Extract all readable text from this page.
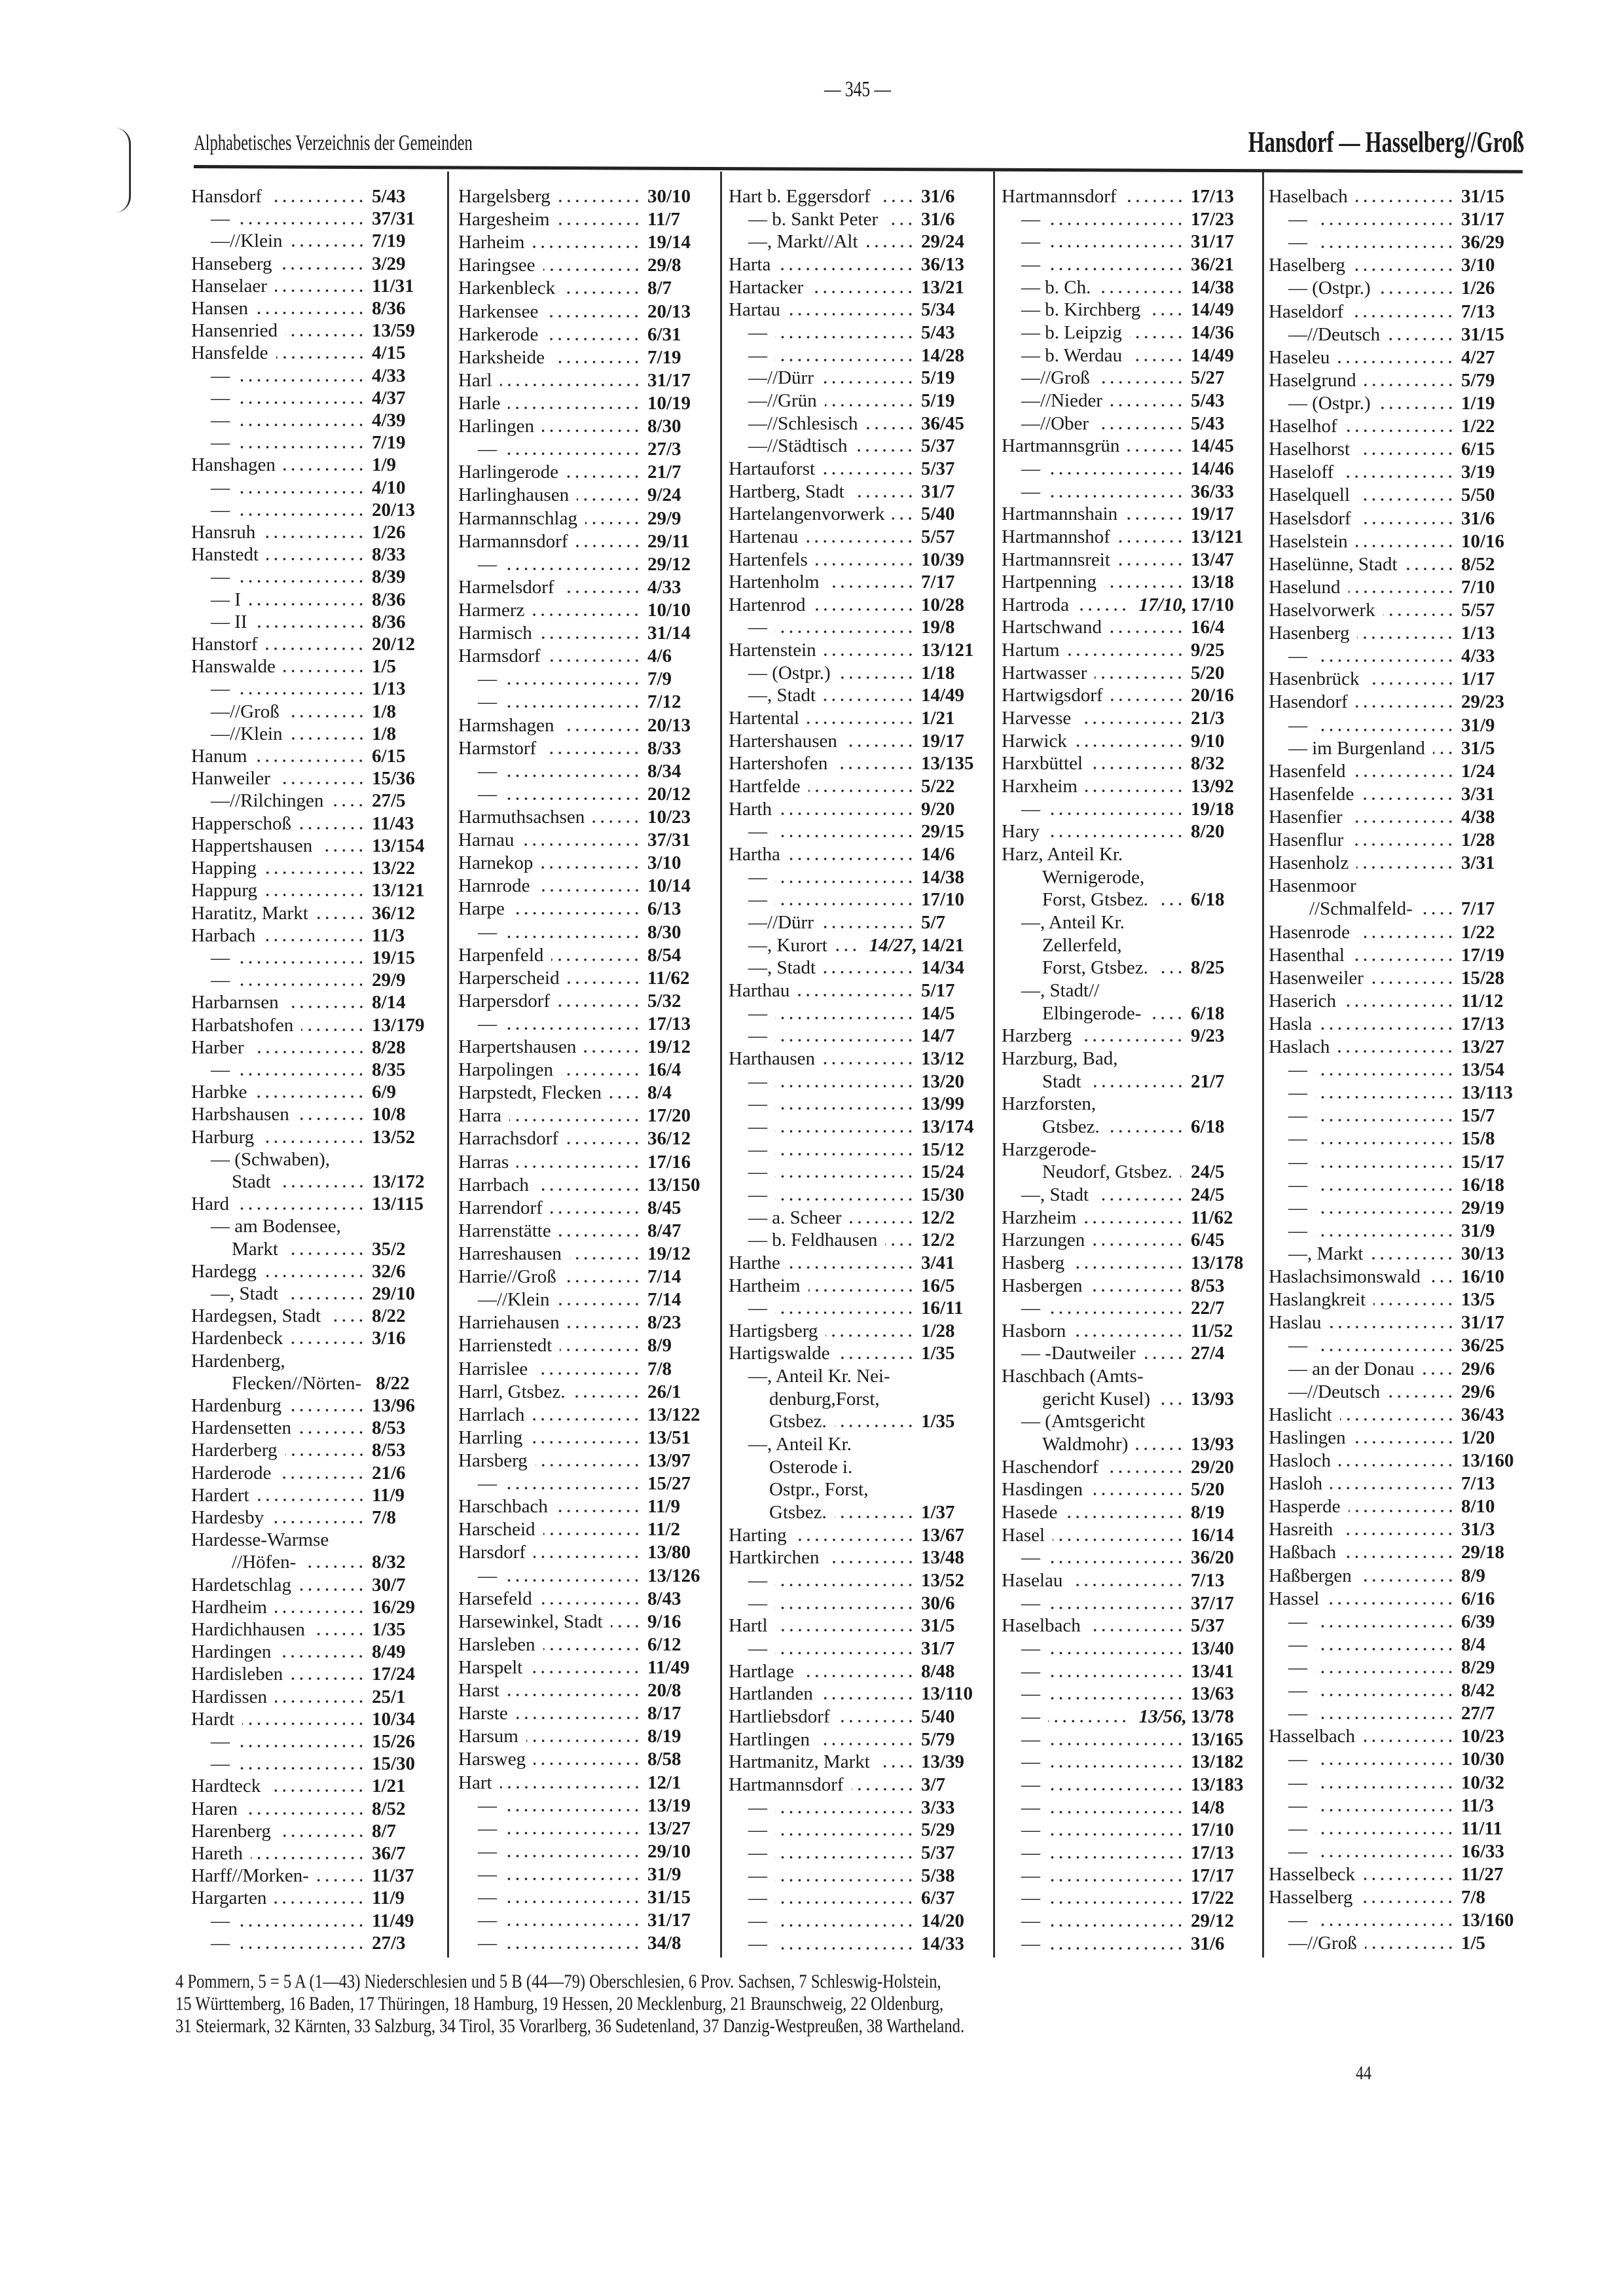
— 345 —
Alphabetisches Verzeichnis der Gemeinden	Hansdorf — Hasselberg//Groß
Hansdorf	5/43
—	37/31
—//Klein	7/19
Hanseberg	3/29
Hanselaer	11/31
Hansen	8/36
Hansenried	13/59
Hansfelde	4/15
—	4/33
—	4/37
—	4/39
—	7/19
Hanshagen	1/9
—	4/10
—	20/13
Hansruh	1/26
Hanstedt	8/33
—	8/39
— I	8/36
— II	8/36
Hanstorf	20/12
Hanswalde	1/5
—	1/13
—//Groß	1/8
—//Klein	1/8
Hanum	6/15
Hanweiler	15/36
—//Rilchingen	27/5
Happerschoß	11/43
Happertshausen	13/154
Happing	13/22
Happurg	13/121
Haratitz, Markt	36/12
Harbach	11/3
—	19/15
—	29/9
Harbarnsen	8/14
Harbatshofen	13/179
Harber	8/28
—	8/35
Harbke	6/9
Harbshausen	10/8
Harburg	13/52
— (Schwaben),
Stadt	13/172
Hard	13/115
— am Bodensee,
Markt	35/2
Hardegg	32/6
—, Stadt	29/10
Hardegsen, Stadt	8/22
Hardenbeck	3/16
Hardenberg,
Flecken//Nörten- 8/22
Hardenburg	13/96
Hardensetten	8/53
Harderberg	8/53
Harderode	21/6
Hardert	11/9
Hardesby	7/8
Hardesse-Warmse
//Höfen-	8/32
Hardetschlag	30/7
Hardheim	16/29
Hardichhausen	1/35
Hardingen	8/49
Hardisleben	17/24
Hardissen	25/1
Hardt	10/34
—	15/26
—	15/30
Hardteck	1/21
Haren	8/52
Harenberg	8/7
Hareth	36/7
Harff//Morken-	11/37
Hargarten	11/9
—	11/49
—	27/3
Hargelsberg	30/10
Hargesheim	11/7
Harheim	19/14
Haringsee	29/8
Harkenbleck	8/7
Harkensee	20/13
Harkerode	6/31
Harksheide	7/19
Harl	31/17
Harle	10/19
Harlingen	8/30
—	27/3
Harlingerode	21/7
Harlinghausen	9/24
Harmannschlag	29/9
Harmannsdorf	29/11
—	29/12
Harmelsdorf	4/33
Harmerz	10/10
Harmisch	31/14
Harmsdorf	4/6
—	7/9
—	7/12
Harmshagen	20/13
Harmstorf	8/33
—	8/34
—	20/12
Harmuthsachsen	10/23
Harnau	37/31
Harnekop	3/10
Harnrode	10/14
Harpe	6/13
—	8/30
Harpenfeld	8/54
Harperscheid	11/62
Harpersdorf	5/32
—	17/13
Harpertshausen	19/12
Harpolingen	16/4
Harpstedt, Flecken 8/4
Harra	17/20
Harrachsdorf	36/12
Harras	17/16
Harrbach	13/150
Harrendorf	8/45
Harrenstätte	8/47
Harreshausen	19/12
Harrie//Groß	7/14
—//Klein	7/14
Harriehausen	8/23
Harrienstedt	8/9
Harrislee	7/8
Harrl, Gtsbez.	26/1
Harrlach	13/122
Harrling	13/51
Harsberg	13/97
—	15/27
Harschbach	11/9
Harscheid	11/2
Harsdorf	13/80
—	13/126
Harsefeld	8/43
Harsewinkel, Stadt 9/16
Harsleben	6/12
Harspelt	11/49
Harst	20/8
Harste	8/17
Harsum	8/19
Harsweg	8/58
Hart	12/1
—	13/19
—	13/27
—	29/10
—	31/9
—	31/15
—	31/17
—	34/8
Hart b. Eggersdorf	31/6
— b. Sankt Peter 31/6
—, Markt//Alt	29/24
Harta	36/13
Hartacker	13/21
Hartau	5/34
—	5/43
—	14/28
—//Dürr	5/19
—//Grün	5/19
—//Schlesisch	36/45
—//Städtisch	5/37
Hartauforst	5/37
Hartberg, Stadt	31/7
Hartelangenvorwerk 5/40
Hartenau	5/57
Hartenfels	10/39
Hartenholm	7/17
Hartenrod	10/28
—	19/8
Hartenstein	13/121
— (Ostpr.)	1/18
—, Stadt	14/49
Hartental	1/21
Hartershausen	19/17
Hartershofen	13/135
Hartfelde	5/22
Harth	9/20
—	29/15
Hartha	14/6
—	14/38
—	17/10
—//Dürr	5/7
—, Kurort 14/27, 14/21
—, Stadt	14/34
Harthau	5/17
—	14/5
—	14/7
Harthausen	13/12
—	13/20
—	13/99
—	13/174
—	15/12
—	15/24
—	15/30
— a. Scheer	12/2
— b. Feldhausen 12/2
Harthe	3/41
Hartheim	16/5
—	16/11
Hartigsberg	1/28
Hartigswalde	1/35
—, Anteil Kr. Nei-
denburg,Forst,
Gtsbez.	1/35
—, Anteil Kr.
Osterode i.
Ostpr., Forst,
Gtsbez.	1/37
Harting	13/67
Hartkirchen	13/48
—	13/52
—	30/6
Hartl	31/5
—	31/7
Hartlage	8/48
Hartlanden	13/110
Hartliebsdorf	5/40
Hartlingen	5/79
Hartmanitz, Markt	13/39
Hartmannsdorf	3/7
—	3/33
—	5/29
—	5/37
—	5/38
—	6/37
—	14/20
—	14/33
Hartmannsdorf	17/13
—	17/23
—	31/17
—	36/21
— b. Ch.	14/38
— b. Kirchberg	14/49
— b. Leipzig	14/36
— b. Werdau	14/49
—//Groß	5/27
—//Nieder	5/43
—//Ober	5/43
Hartmannsgrün	14/45
—	14/46
—	36/33
Hartmannshain	19/17
Hartmannshof	13/121
Hartmannsreit	13/47
Hartpenning	13/18
Hartroda	17/10, 17/10
Hartschwand	16/4
Hartum	9/25
Hartwasser	5/20
Hartwigsdorf	20/16
Harvesse	21/3
Harwick	9/10
Harxbüttel	8/32
Harxheim	13/92
—	19/18
Hary	8/20
Harz, Anteil Kr.
Wernigerode,
Forst, Gtsbez. 6/18
—, Anteil Kr.
Zellerfeld,
Forst, Gtsbez. 8/25
—, Stadt//
Elbingerode-	6/18
Harzberg	9/23
Harzburg, Bad,
Stadt	21/7
Harzforsten,
Gtsbez.	6/18
Harzgerode-
Neudorf, Gtsbez. 24/5
—, Stadt	24/5
Harzheim	11/62
Harzungen	6/45
Hasberg	13/178
Hasbergen	8/53
—	22/7
Hasborn	11/52
— -Dautweiler	27/4
Haschbach (Amts-
gericht Kusel) 13/93
— (Amtsgericht
Waldmohr)	13/93
Haschendorf	29/20
Hasdingen	5/20
Hasede	8/19
Hasel	16/14
—	36/20
Haselau	7/13
—	37/17
Haselbach	5/37
—	13/40
—	13/41
—	13/63
—	13/56, 13/78
—	13/165
—	13/182
—	13/183
—	14/8
—	17/10
—	17/13
—	17/17
—	17/22
—	29/12
—	31/6
Haselbach	31/15
—	31/17
—	36/29
Haselberg	3/10
— (Ostpr.)	1/26
Haseldorf	7/13
—//Deutsch	31/15
Haseleu	4/27
Haselgrund	5/79
— (Ostpr.)	1/19
Haselhof	1/22
Haselhorst	6/15
Haseloff	3/19
Haselquell	5/50
Haselsdorf	31/6
Haselstein	10/16
Haselünne, Stadt	8/52
Haselund	7/10
Haselvorwerk	5/57
Hasenberg	1/13
—	4/33
Hasenbrück	1/17
Hasendorf	29/23
—	31/9
— im Burgenland 31/5
Hasenfeld	1/24
Hasenfelde	3/31
Hasenfier	4/38
Hasenflur	1/28
Hasenholz	3/31
Hasenmoor
//Schmalfeld-	7/17
Hasenrode	1/22
Hasenthal	17/19
Hasenweiler	15/28
Haserich	11/12
Hasla	17/13
Haslach	13/27
—	13/54
—	13/113
—	15/7
—	15/8
—	15/17
—	16/18
—	29/19
—	31/9
—, Markt	30/13
Haslachsimonswald 16/10
Haslangkreit	13/5
Haslau	31/17
—	36/25
— an der Donau 29/6
—//Deutsch	29/6
Haslicht	36/43
Haslingen	1/20
Hasloch	13/160
Hasloh	7/13
Hasperde	8/10
Hasreith	31/3
Haßbach	29/18
Haßbergen	8/9
Hassel	6/16
—	6/39
—	8/4
—	8/29
—	8/42
—	27/7
Hasselbach	10/23
—	10/30
—	10/32
—	11/3
—	11/11
—	16/33
Hasselbeck	11/27
Hasselberg	7/8
—	13/160
—//Groß	1/5
4 Pommern, 5 = 5 A (1—43) Niederschlesien und 5 B (44—79) Oberschlesien, 6 Prov. Sachsen, 7 Schleswig-Holstein,
15 Württemberg, 16 Baden, 17 Thüringen, 18 Hamburg, 19 Hessen, 20 Mecklenburg, 21 Braunschweig, 22 Oldenburg,
31 Steiermark, 32 Kärnten, 33 Salzburg, 34 Tirol, 35 Vorarlberg, 36 Sudetenland, 37 Danzig-Westpreußen, 38 Wartheland.
44
